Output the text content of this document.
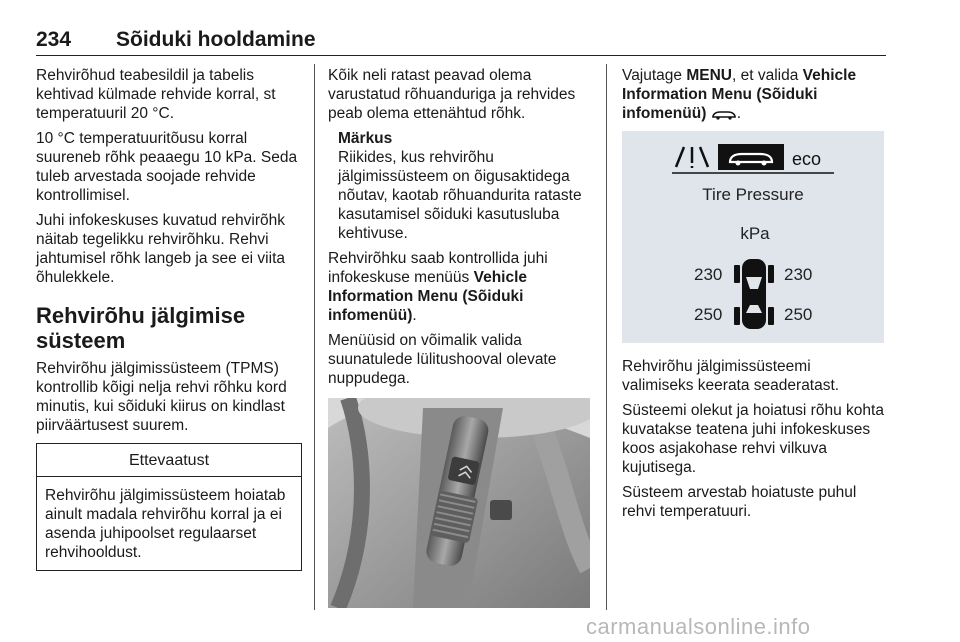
234 Sõiduki hooldamine

Rehvirõhud teabesildil ja tabelis kehtivad külmade rehvide korral, st temperatuuril 20 °C.

10 °C temperatuuritõusu korral suureneb rõhk peaaegu 10 kPa. Seda tuleb arvestada soojade rehvide kontrollimisel.

Juhi infokeskuses kuvatud rehvirõhk näitab tegelikku rehvirõhku. Rehvi jahtumisel rõhk langeb ja see ei viita õhulekkele.

Rehvirõhu jälgimise süsteem

Rehvirõhu jälgimissüsteem (TPMS) kontrollib kõigi nelja rehvi rõhku kord minutis, kui sõiduki kiirus on kindlast piirväärtusest suurem.

Ettevaatust
Rehvirõhu jälgimissüsteem hoiatab ainult madala rehvirõhu korral ja ei asenda juhipoolset regulaarset rehvihooldust.

Kõik neli ratast peavad olema varustatud rõhuanduriga ja rehvides peab olema ettenähtud rõhk.

Märkus
Riikides, kus rehvirõhu jälgimissüsteem on õigusaktidega nõutav, kaotab rõhuandurita rataste kasutamisel sõiduki kasutusluba kehtivuse.

Rehvirõhku saab kontrollida juhi infokeskuse menüüs Vehicle Information Menu (Sõiduki infomenüü).

Menüüsid on võimalik valida suunatulede lülitushooval olevate nuppudega.

Vajutage MENU, et valida Vehicle Information Menu (Sõiduki infomenüü) .

eco
Tire Pressure
kPa
230	230
250	250

Rehvirõhu jälgimissüsteemi valimiseks keerata seaderatast.

Süsteemi olekut ja hoiatusi rõhu kohta kuvatakse teatena juhi infokeskuses koos asjakohase rehvi vilkuva kujutisega.

Süsteem arvestab hoiatuste puhul rehvi temperatuuri.

carmanualsonline.info
